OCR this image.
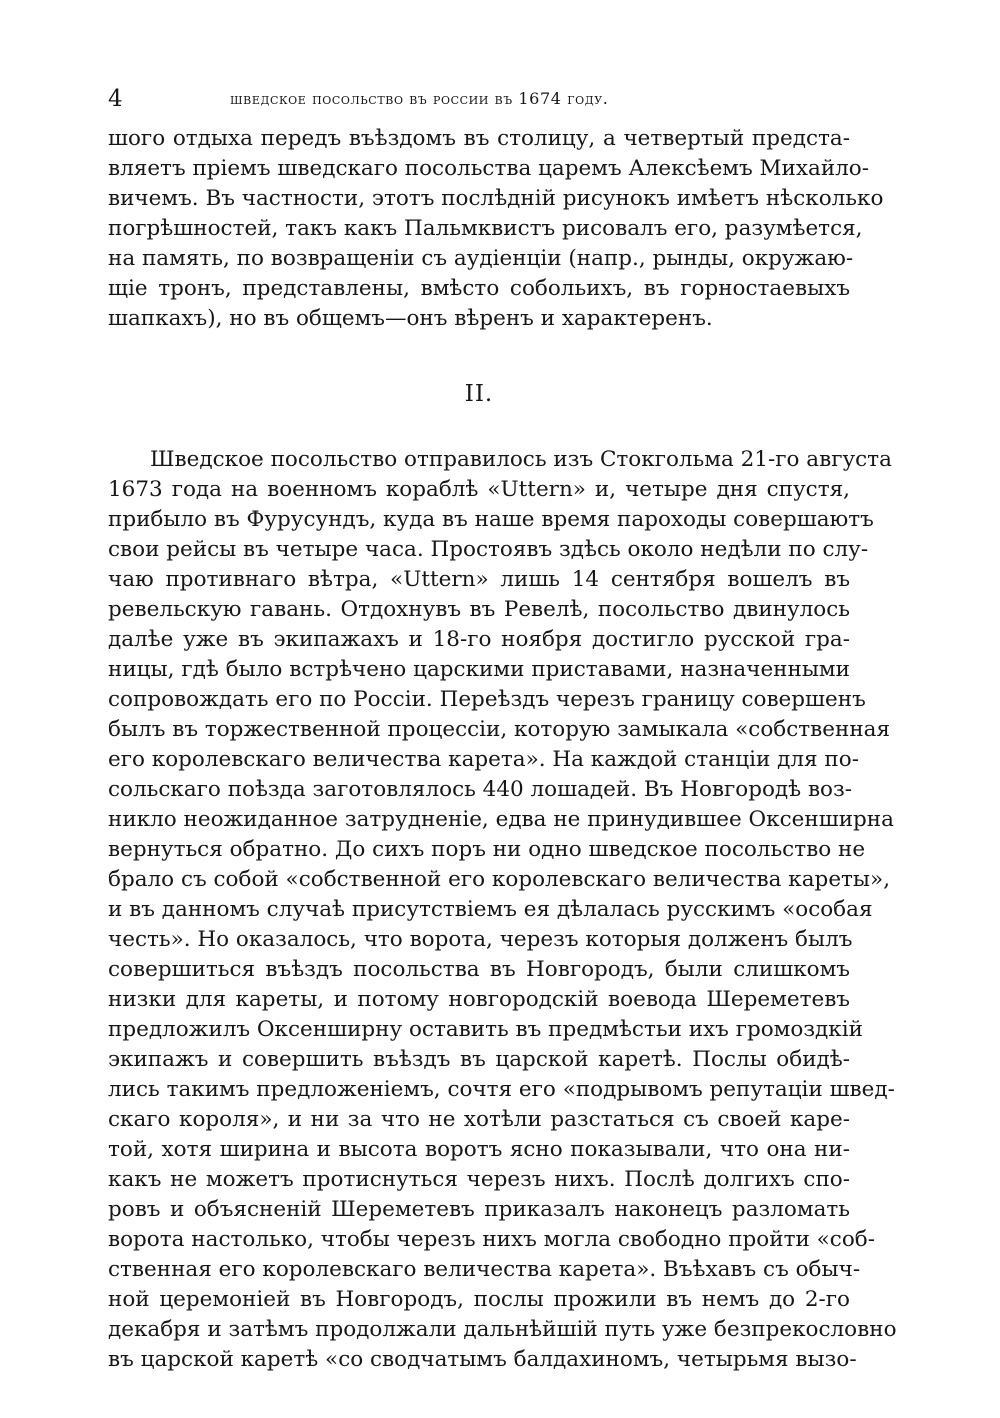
4	шведское посольство въ россии въ 1674 году.
шого отдыха передъ въѣздомъ въ столицу, а четвертый предста-
вляетъ пріемъ шведскаго посольства царемъ Алексѣемъ Михайло-
вичемъ. Въ частности, этотъ послѣдній рисунокъ имѣетъ нѣсколько
погрѣшностей, такъ какъ Пальмквистъ рисовалъ его, разумѣется,
на память, по возвращеніи съ аудіенціи (напр., рынды, окружаю-
щіе тронъ, представлены, вмѣсто собольихъ, въ горностаевыхъ
шапкахъ), но въ общемъ—онъ вѣренъ и характеренъ.
II.
Шведское посольство отправилось изъ Стокгольма 21-го августа
1673 года на военномъ кораблѣ «Uttern» и, четыре дня спустя,
прибыло въ Фурусундъ, куда въ наше время пароходы совершаютъ
свои рейсы въ четыре часа. Простоявъ здѣсь около недѣли по слу-
чаю противнаго вѣтра, «Uttern» лишь 14 сентября вошелъ въ
ревельскую гавань. Отдохнувъ въ Ревелѣ, посольство двинулось
далѣе уже въ экипажахъ и 18-го ноября достигло русской гра-
ницы, гдѣ было встрѣчено царскими приставами, назначенными
сопровождать его по Россіи. Переѣздъ черезъ границу совершенъ
былъ въ торжественной процессіи, которую замыкала «собственная
его королевскаго величества карета». На каждой станціи для по-
сольскаго поѣзда заготовлялось 440 лошадей. Въ Новгородѣ воз-
никло неожиданное затрудненіе, едва не принудившее Оксенширна
вернуться обратно. До сихъ поръ ни одно шведское посольство не
брало съ собой «собственной его королевскаго величества кареты»,
и въ данномъ случаѣ присутствіемъ ея дѣлалась русскимъ «особая
честь». Но оказалось, что ворота, черезъ которыя долженъ былъ
совершиться въѣздъ посольства въ Новгородъ, были слишкомъ
низки для кареты, и потому новгородскій воевода Шереметевъ
предложилъ Оксенширну оставить въ предмѣстьи ихъ громоздкій
экипажъ и совершить въѣздъ въ царской каретѣ. Послы обидѣ-
лись такимъ предложеніемъ, сочтя его «подрывомъ репутаціи швед-
скаго короля», и ни за что не хотѣли разстаться съ своей каре-
той, хотя ширина и высота воротъ ясно показывали, что она ни-
какъ не можетъ протиснуться черезъ нихъ. Послѣ долгихъ спо-
ровъ и объясненій Шереметевъ приказалъ наконецъ разломать
ворота настолько, чтобы черезъ нихъ могла свободно пройти «соб-
ственная его королевскаго величества карета». Въѣхавъ съ обыч-
ной церемоніей въ Новгородъ, послы прожили въ немъ до 2-го
декабря и затѣмъ продолжали дальнѣйшій путь уже безпрекословно
въ царской каретѣ «со сводчатымъ балдахиномъ, четырьмя вызо-
